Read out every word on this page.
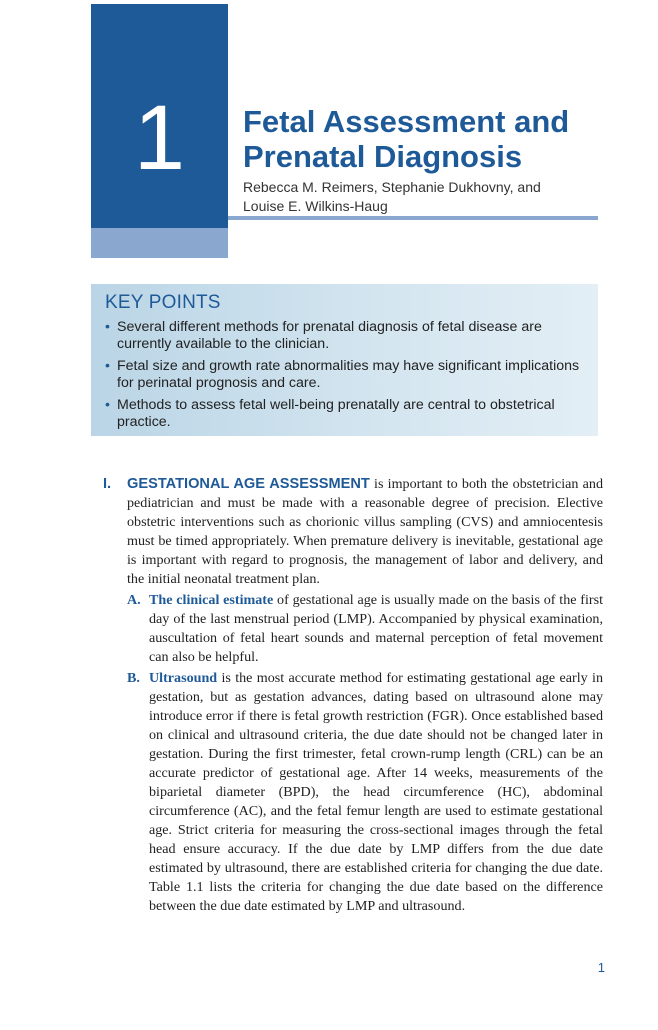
1	Fetal Assessment and
Prenatal Diagnosis
Rebecca M. Reimers, Stephanie Dukhovny, and
Louise E. Wilkins-Haug
KEY POINTS
• Several different methods for prenatal diagnosis of fetal disease are currently available to the clinician.
• Fetal size and growth rate abnormalities may have significant implications for perinatal prognosis and care.
• Methods to assess fetal well-being prenatally are central to obstetrical practice.

I. GESTATIONAL AGE ASSESSMENT is important to both the obstetrician and pediatrician and must be made with a reasonable degree of precision. Elective obstetric interventions such as chorionic villus sampling (CVS) and amniocentesis must be timed appropriately. When premature delivery is inevitable, gestational age is important with regard to prognosis, the management of labor and delivery, and the initial neonatal treatment plan.

A. The clinical estimate of gestational age is usually made on the basis of the first day of the last menstrual period (LMP). Accompanied by physical examination, auscultation of fetal heart sounds and maternal perception of fetal movement can also be helpful.

B. Ultrasound is the most accurate method for estimating gestational age early in gestation, but as gestation advances, dating based on ultrasound alone may introduce error if there is fetal growth restriction (FGR). Once established based on clinical and ultrasound criteria, the due date should not be changed later in gestation. During the first trimester, fetal crown-rump length (CRL) can be an accurate predictor of gestational age. After 14 weeks, measurements of the biparietal diameter (BPD), the head circumference (HC), abdominal circumference (AC), and the fetal femur length are used to estimate gestational age. Strict criteria for measuring the cross-sectional images through the fetal head ensure accuracy. If the due date by LMP differs from the due date estimated by ultrasound, there are established criteria for changing the due date. Table 1.1 lists the criteria for changing the due date based on the difference between the due date estimated by LMP and ultrasound.

1
